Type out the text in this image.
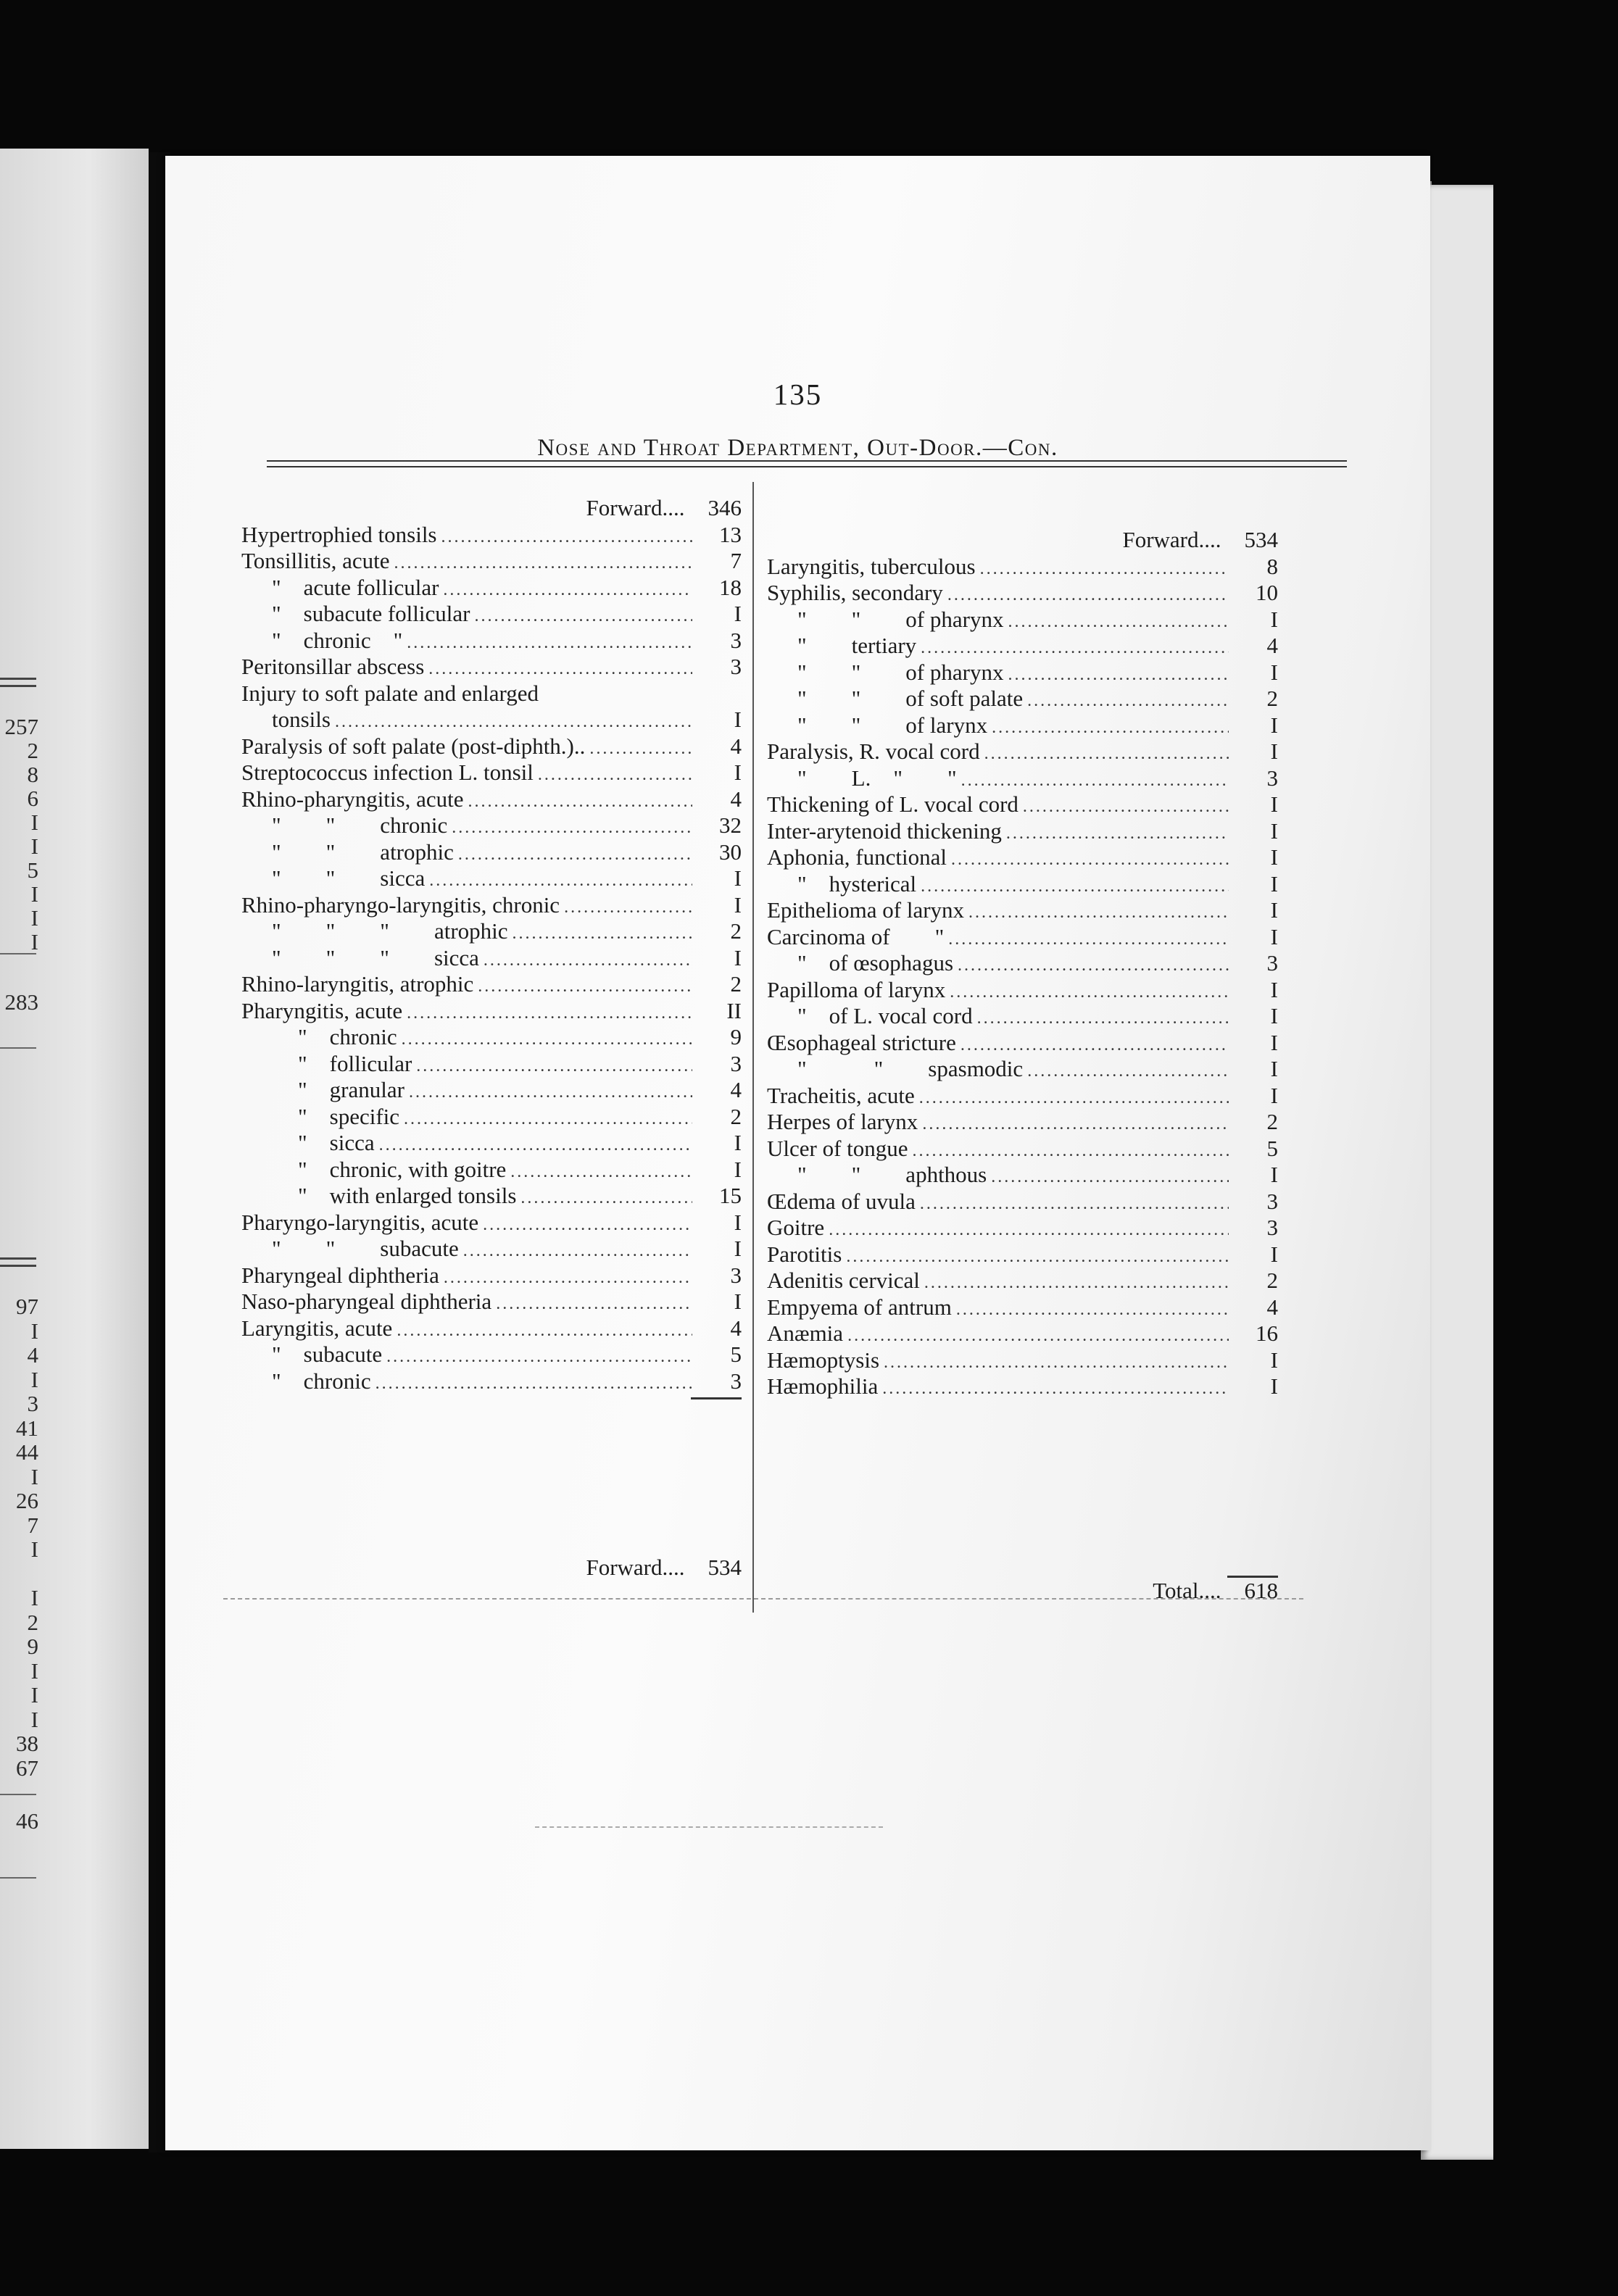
257
2
8
6
I
I
5
I
I
I
283
97
I
4
I
3
41
44
I
26
7
I
I
2
9
I
I
I
38
67
46
135
Nose and Throat Department, Out-Door.—Con.
Forward.... 346
Hypertrophied tonsils .....	13
Tonsillitis, acute .....	7
" acute follicular .....	18
" subacute follicular .....	I
" chronic " .....	3
Peritonsillar abscess .....	3
Injury to soft palate and enlarged
tonsils .....	I
Paralysis of soft palate (post-diphth.).. .....	4
Streptococcus infection L. tonsil .....	I
Rhino-pharyngitis, acute .....	4
"  "  chronic .....	32
"  "  atrophic .....	30
"  "  sicca .....	I
Rhino-pharyngo-laryngitis, chronic .....	I
"  "  "  atrophic .....	2
"  "  "  sicca .....	I
Rhino-laryngitis, atrophic .....	2
Pharyngitis, acute .....	II
" chronic .....	9
" follicular .....	3
" granular .....	4
" specific .....	2
" sicca .....	I
" chronic, with goitre .....	I
" with enlarged tonsils .....	15
Pharyngo-laryngitis, acute .....	I
"  "  subacute .....	I
Pharyngeal diphtheria .....	3
Naso-pharyngeal diphtheria .....	I
Laryngitis, acute .....	4
" subacute .....	5
" chronic .....	3
Forward.... 534
Laryngitis, tuberculous .....	8
Syphilis, secondary .....	10
"  "  of pharynx .....	I
"  tertiary .....	4
"  "  of pharynx .....	I
"  "  of soft palate .....	2
"  "  of larynx .....	I
Paralysis, R. vocal cord .....	I
"  L. "  " .....	3
Thickening of L. vocal cord .....	I
Inter-arytenoid thickening .....	I
Aphonia, functional .....	I
" hysterical .....	I
Epithelioma of larynx .....	I
Carcinoma of  " .....	I
" of œsophagus .....	3
Papilloma of larynx .....	I
" of L. vocal cord .....	I
Œsophageal stricture .....	I
"   "  spasmodic .....	I
Tracheitis, acute .....	I
Herpes of larynx .....	2
Ulcer of tongue .....	5
"  "  aphthous .....	I
Œdema of uvula .....	3
Goitre .....	3
Parotitis .....	I
Adenitis cervical .....	2
Empyema of antrum .....	4
Anæmia .....	16
Hæmoptysis .....	I
Hæmophilia .....	I
Forward.... 534
Total.... 618
